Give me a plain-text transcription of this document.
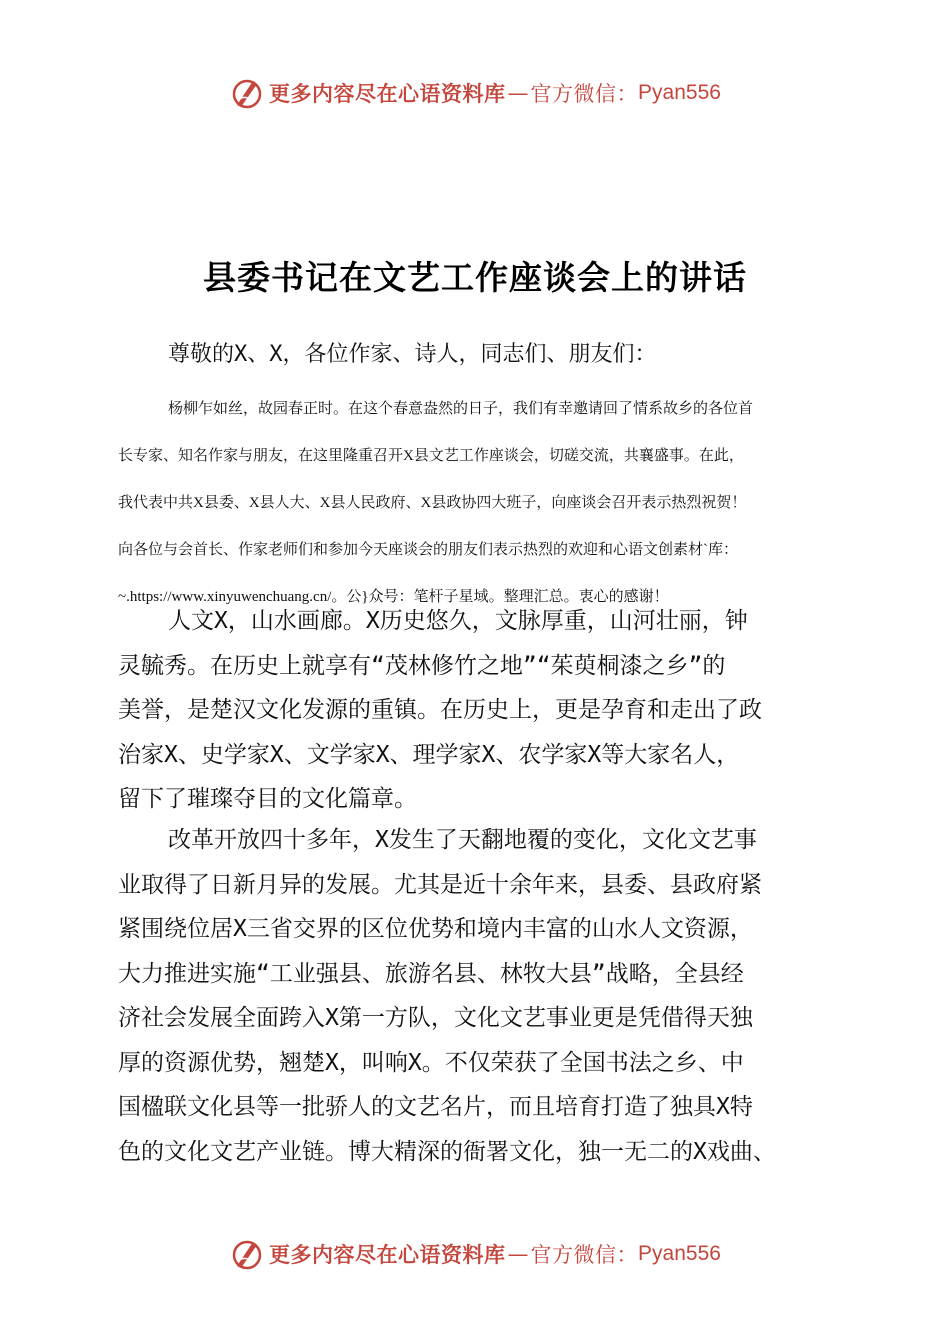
更多内容尽在心语资料库 — 官方微信： Pyan556
县委书记在文艺工作座谈会上的讲话
尊敬的X、X，各位作家、诗人，同志们、朋友们：

杨柳乍如丝，故园春正时。在这个春意盎然的日子，我们有幸邀请回了情系故乡的各位首

长专家、知名作家与朋友，在这里隆重召开X县文艺工作座谈会，切磋交流，共襄盛事。在此，

我代表中共X县委、X县人大、X县人民政府、X县政协四大班子，向座谈会召开表示热烈祝贺！

向各位与会首长、作家老师们和参加今天座谈会的朋友们表示热烈的欢迎和心语文创素材`库：

~.https://www.xinyuwenchuang.cn/。公}众号：笔杆子星域。整理汇总。衷心的感谢！

人文X，山水画廊。X历史悠久，文脉厚重，山河壮丽，钟

灵毓秀。在历史上就享有“茂林修竹之地”“茱萸桐漆之乡”的

美誉，是楚汉文化发源的重镇。在历史上，更是孕育和走出了政

治家X、史学家X、文学家X、理学家X、农学家X等大家名人，

留下了璀璨夺目的文化篇章。

改革开放四十多年，X发生了天翻地覆的变化，文化文艺事

业取得了日新月异的发展。尤其是近十余年来，县委、县政府紧

紧围绕位居X三省交界的区位优势和境内丰富的山水人文资源，

大力推进实施“工业强县、旅游名县、林牧大县”战略，全县经

济社会发展全面跨入X第一方队，文化文艺事业更是凭借得天独

厚的资源优势，翘楚X，叫响X。不仅荣获了全国书法之乡、中

国楹联文化县等一批骄人的文艺名片，而且培育打造了独具X特

色的文化文艺产业链。博大精深的衙署文化，独一无二的X戏曲、

更多内容尽在心语资料库 — 官方微信： Pyan556
